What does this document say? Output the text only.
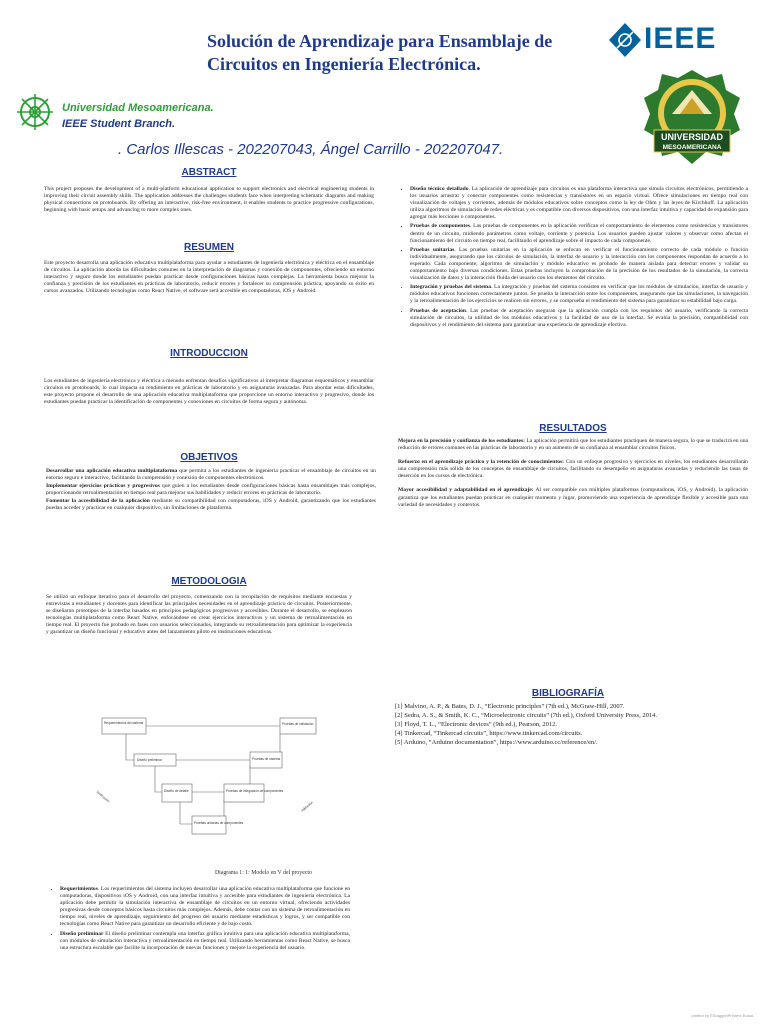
Solución de Aprendizaje para Ensamblaje de
Circuitos en Ingeniería Electrónica.
IEEE
Universidad Mesoamericana.
IEEE Student Branch.
UNIVERSIDAD
MESOAMERICANA
. Carlos Illescas - 202207043, Ángel Carrillo - 202207047.
ABSTRACT
This project proposes the development of a multi-platform educational application to support electronics and electrical engineering students in improving their circuit assembly skills. The application addresses the challenges students face when interpreting schematic diagrams and making physical connections on protoboards. By offering an interactive, risk-free environment, it enables students to practice progressive configurations, beginning with basic setups and advancing to more complex ones.
RESUMEN
Este proyecto desarrolla una aplicación educativa multiplataforma para ayudar a estudiantes de ingeniería electrónica y eléctrica en el ensamblaje de circuitos. La aplicación aborda las dificultades comunes en la interpretación de diagramas y conexión de componentes, ofreciendo un entorno interactivo y seguro donde los estudiantes puedan practicar desde configuraciones básicas hasta complejas. La herramienta busca mejorar la confianza y precisión de los estudiantes en prácticas de laboratorio, reducir errores y fortalecer su comprensión práctica, apoyando su éxito en cursos avanzados. Utilizando tecnologías como React Native, el software será accesible en computadoras, iOS y Android.
INTRODUCCION
Los estudiantes de ingeniería electrónica y eléctrica a menudo enfrentan desafíos significativos al interpretar diagramas esquemáticos y ensamblar circuitos en protoboards, lo cual impacta su rendimiento en prácticas de laboratorio y en asignaturas avanzadas. Para abordar estas dificultades, este proyecto propone el desarrollo de una aplicación educativa multiplataforma que proporcione un entorno interactivo y progresivo, donde los estudiantes puedan practicar la identificación de componentes y conexiones en circuitos de forma segura y autónoma.
OBJETIVOS

Desarrollar una aplicación educativa multiplataforma que permita a los estudiantes de ingeniería practicar el ensamblaje de circuitos en un entorno seguro e interactivo, facilitando la comprensión y conexión de componentes electrónicos.

Implementar ejercicios prácticos y progresivos que guíen a los estudiantes desde configuraciones básicas hasta ensamblajes más complejos, proporcionando retroalimentación en tiempo real para mejorar sus habilidades y reducir errores en prácticas de laboratorio.

Fomentar la accesibilidad de la aplicación mediante su compatibilidad con computadoras, iOS y Android, garantizando que los estudiantes puedan acceder y practicar en cualquier dispositivo, sin limitaciones de plataforma.

METODOLOGIA
Se utilizó un enfoque iterativo para el desarrollo del proyecto, comenzando con la recopilación de requisitos mediante encuestas y entrevistas a estudiantes y docentes para identificar las principales necesidades en el aprendizaje práctico de circuitos. Posteriormente, se diseñaron prototipos de la interfaz basados en principios pedagógicos progresivos y accesibles. Durante el desarrollo, se emplearon tecnologías multiplataforma como React Native, enfocándose en crear ejercicios interactivos y un sistema de retroalimentación en tiempo real. El proyecto fue probado en fases con usuarios seleccionados, integrando su retroalimentación para optimizar la experiencia y garantizar un diseño funcional y educativo antes del lanzamiento piloto en instituciones educativas.
Requerimientos del sistema
Diseño preliminar
Diseño de detalle	Pruebas de integración de componentes
Pruebas de sistema
Pruebas de validación
Pruebas unitarias de componentes
Verificación
Validación
Diagrama 1: 1: Modelo en V del proyecto
• Requerimientos. Los requerimientos del sistema incluyen desarrollar una aplicación educativa multiplataforma que funcione en computadoras, dispositivos iOS y Android, con una interfaz intuitiva y accesible para estudiantes de ingeniería electrónica. La aplicación debe permitir la simulación interactiva de ensamblaje de circuitos en un entorno virtual, ofreciendo actividades progresivas desde conceptos básicos hasta circuitos más complejos. Además, debe contar con un sistema de retroalimentación en tiempo real, niveles de aprendizaje, seguimiento del progreso del usuario mediante estadísticas y logros, y ser compatible con tecnologías como React Native para garantizar un desarrollo eficiente y de bajo costo.
• Diseño preliminar El diseño preliminar contempla una interfaz gráfica intuitiva para una aplicación educativa multiplataforma, con módulos de simulación interactiva y retroalimentación en tiempo real. Utilizando herramientas como React Native, se busca una estructura escalable que facilite la incorporación de nuevas funciones y mejore la experiencia del usuario.
• Diseño técnico detallado. La aplicación de aprendizaje para circuitos es una plataforma interactiva que simula circuitos electrónicos, permitiendo a los usuarios arrastrar y conectar componentes como resistencias y transistores en un espacio virtual. Ofrece simulaciones en tiempo real con visualización de voltajes y corrientes, además de módulos educativos sobre conceptos como la ley de Ohm y las leyes de Kirchhoff. La aplicación utiliza algoritmos de simulación de redes eléctricas y es compatible con diversos dispositivos, con una interfaz intuitiva y capacidad de expansión para agregar más lecciones o componentes.
• Pruebas de componentes. Las pruebas de componentes en la aplicación verifican el comportamiento de elementos como resistencias y transistores dentro de un circuito, midiendo parámetros como voltaje, corriente y potencia. Los usuarios pueden ajustar valores y observar como afectan el funcionamiento del circuito en tiempo real, facilitando el aprendizaje sobre el impacto de cada componente.
• Pruebas unitarias. Las pruebas unitarias en la aplicación se enfocan en verificar el funcionamiento correcto de cada módulo o función individualmente, asegurando que los cálculos de simulación, la interfaz de usuario y la interacción con los componentes respondan de acuerdo a lo esperado. Cada componente, algoritmo de simulación y módulo educativo es probado de manera aislada para detectar errores y validar su comportamiento bajo diversas condiciones. Estas pruebas incluyen la comprobación de la precisión de los resultados de la simulación, la correcta visualización de datos y la interacción fluida del usuario con los elementos del circuito.
• Integración y pruebas del sistema. La integración y pruebas del sistema consisten en verificar que los módulos de simulación, interfaz de usuario y módulos educativos funcionen correctamente juntos. Se prueba la interacción entre los componentes, asegurando que las simulaciones, la navegación y la retroalimentación de los ejercicios se realicen sin errores, y se comprueba el rendimiento del sistema para garantizar su estabilidad bajo carga.
• Pruebas de aceptación. Las pruebas de aceptación aseguran que la aplicación cumpla con los requisitos del usuario, verificando la correcta simulación de circuitos, la utilidad de los módulos educativos y la facilidad de uso de la interfaz. Se evalúa la precisión, compatibilidad con dispositivos y el rendimiento del sistema para garantizar una experiencia de aprendizaje efectiva.
RESULTADOS

Mejora en la precisión y confianza de los estudiantes: La aplicación permitirá que los estudiantes practiquen de manera segura, lo que se traducirá en una reducción de errores comunes en las prácticas de laboratorio y en un aumento de su confianza al ensamblar circuitos físicos.

Refuerzo en el aprendizaje práctico y la retención de conocimientos: Con un enfoque progresivo y ejercicios en niveles, los estudiantes desarrollarán una comprensión más sólida de los conceptos de ensamblaje de circuitos, facilitando su desempeño en asignaturas avanzadas y reduciendo las tasas de deserción en los cursos de electrónica.

Mayor accesibilidad y adaptabilidad en el aprendizaje: Al ser compatible con múltiples plataformas (computadoras, iOS, y Android), la aplicación garantiza que los estudiantes puedan practicar en cualquier momento y lugar, promoviendo una experiencia de aprendizaje flexible y accesible para una variedad de necesidades y contextos.

BIBLIOGRAFÍA

[1] Malvino, A. P., & Bates, D. J., “Electronic principles” (7th ed.), McGraw-Hill, 2007.

[2] Sedra, A. S., & Smith, K. C., “Microelectronic circuits” (7th ed.), Oxford University Press, 2014.

[3] Floyd, T. L., “Electronic devices” (9th ed.), Pearson, 2012.

[4] Tinkercad, “Tinkercad circuits”, https://www.tinkercad.com/circuits.

[5] Arduino, “Arduino documentation”, https://www.arduino.cc/reference/en/.

printed by ElDaggerlPrinterx Euaui.
